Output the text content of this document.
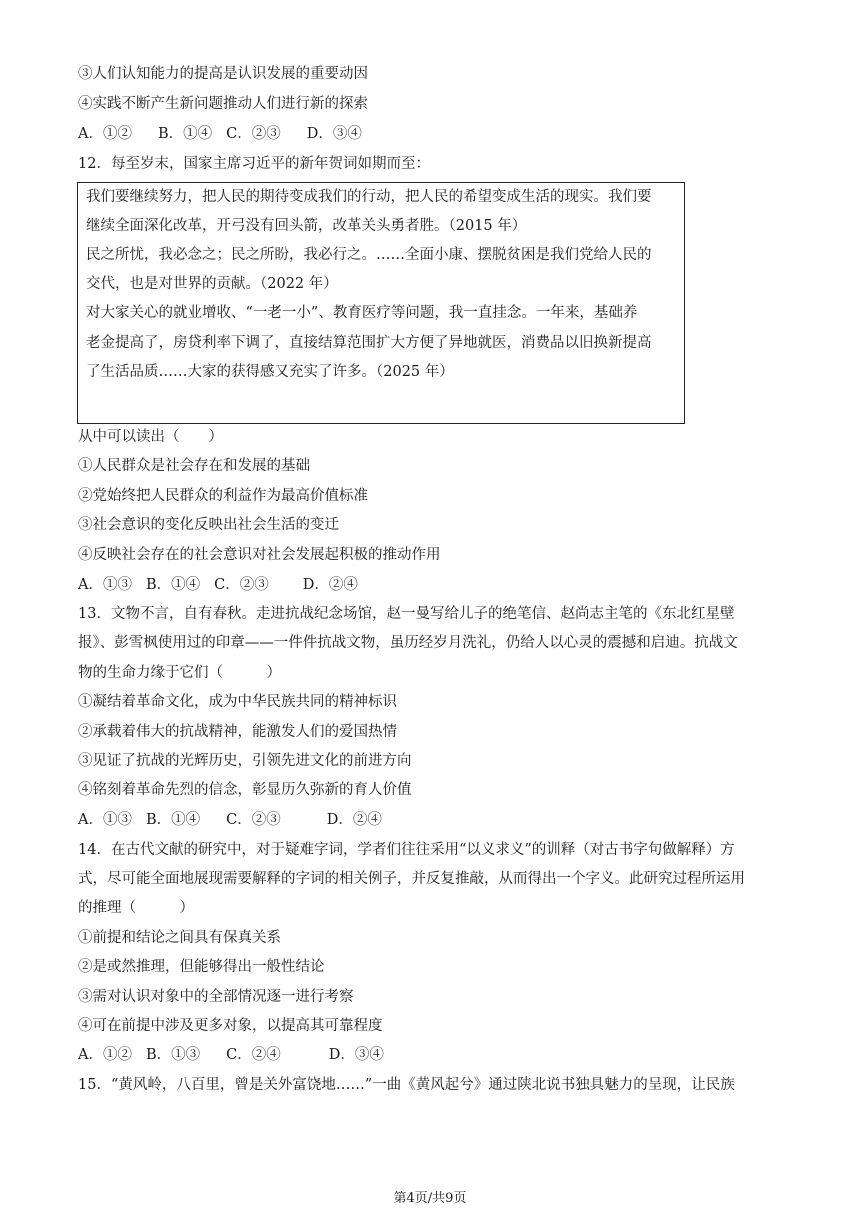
③人们认知能力的提高是认识发展的重要动因
④实践不断产生新问题推动人们进行新的探索
A．①② B．①④ C．②③ D．③④
12．每至岁末，国家主席习近平的新年贺词如期而至：
我们要继续努力，把人民的期待变成我们的行动，把人民的希望变成生活的现实。我们要
继续全面深化改革，开弓没有回头箭，改革关头勇者胜。（2015 年）
民之所忧，我必念之；民之所盼，我必行之。……全面小康、摆脱贫困是我们党给人民的
交代，也是对世界的贡献。（2022 年）
对大家关心的就业增收、“一老一小”、教育医疗等问题，我一直挂念。一年来，基础养
老金提高了，房贷利率下调了，直接结算范围扩大方便了异地就医，消费品以旧换新提高
了生活品质……大家的获得感又充实了许多。（2025 年）
从中可以读出（　　）
①人民群众是社会存在和发展的基础
②党始终把人民群众的利益作为最高价值标准
③社会意识的变化反映出社会生活的变迁
④反映社会存在的社会意识对社会发展起积极的推动作用
A．①③ B．①④ C．②③ D．②④
13．文物不言，自有春秋。走进抗战纪念场馆，赵一曼写给儿子的绝笔信、赵尚志主笔的《东北红星壁
报》、彭雪枫使用过的印章——一件件抗战文物，虽历经岁月洗礼，仍给人以心灵的震撼和启迪。抗战文
物的生命力缘于它们（　　　）
①凝结着革命文化，成为中华民族共同的精神标识
②承载着伟大的抗战精神，能激发人们的爱国热情
③见证了抗战的光辉历史，引领先进文化的前进方向
④铭刻着革命先烈的信念，彰显历久弥新的育人价值
A．①③ B．①④ C．②③	D．②④
14．在古代文献的研究中，对于疑难字词，学者们往往采用“以义求义”的训释（对古书字句做解释）方
式，尽可能全面地展现需要解释的字词的相关例子，并反复推敲，从而得出一个字义。此研究过程所运用
的推理（　　　）
①前提和结论之间具有保真关系
②是或然推理，但能够得出一般性结论
③需对认识对象中的全部情况逐一进行考察
④可在前提中涉及更多对象，以提高其可靠程度
A．①② B．①③ C．②④	D．③④
15．“黄风岭，八百里，曾是关外富饶地……”一曲《黄风起兮》通过陕北说书独具魅力的呈现，让民族
第4页/共9页
